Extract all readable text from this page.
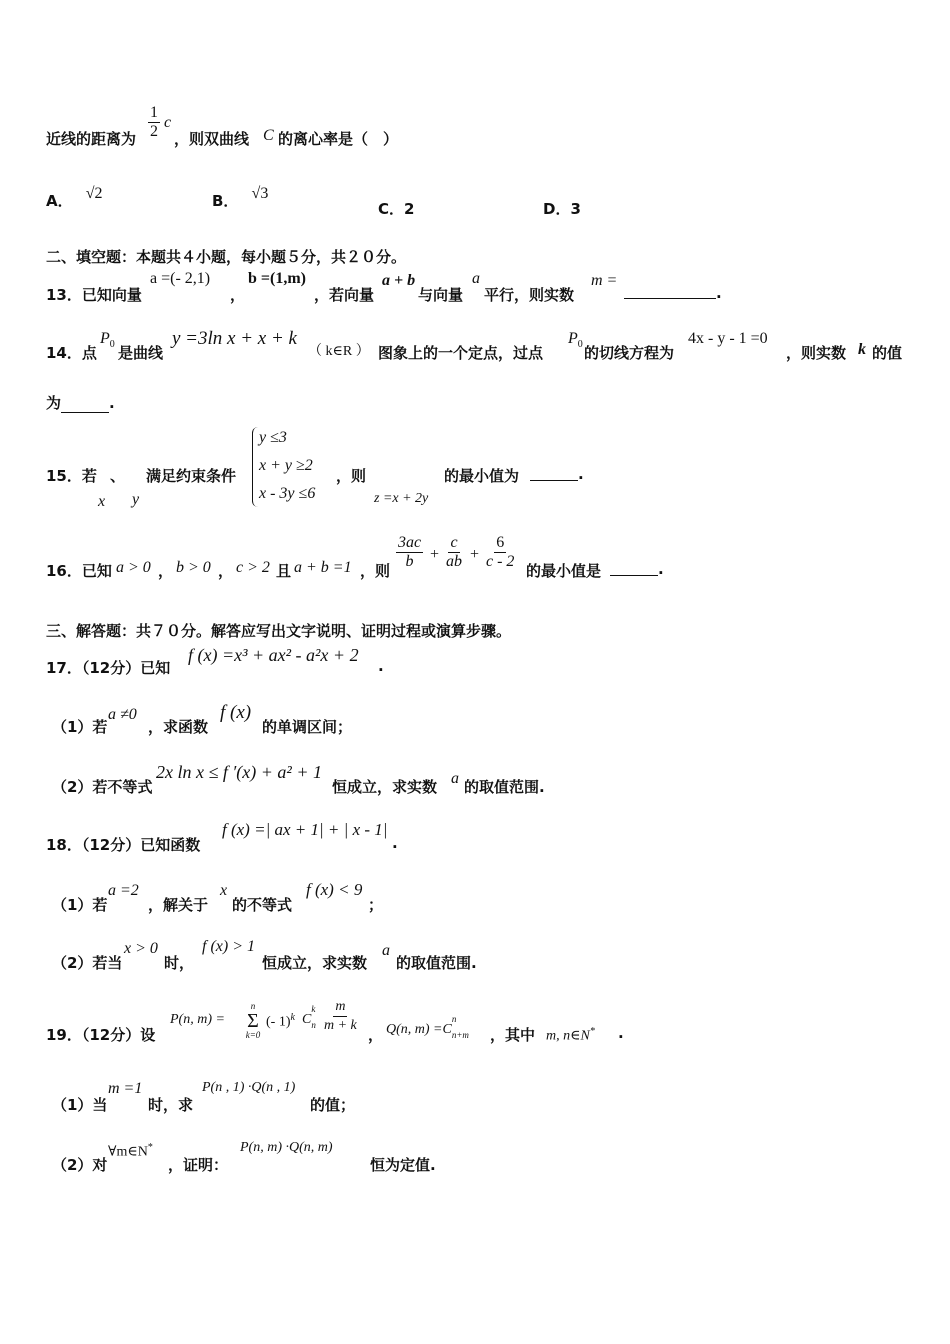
近线的距离为 $\frac{1}{2}$ c
，则双曲线 C 的离心率是（　）
A． √2	B． √3
C．2	D．3
二、填空题：本题共４小题，每小题５分，共２０分。
13．已知向量
a =(- 2,1)
，
b =(1,m)
，若向量
a + b
与向量
a
平行，则实数
m =
.
14．点
$P_0$ 是曲线
y =3ln x + x + k
（ k∈R ） 图象上的一个定点，过点
$P_0$ 的切线方程为
4x - y - 1 =0
，则实数 k 的值
为	.
15．若
x
、
y
满足约束条件
y ≤3
x + y ≥2
x - 3y ≤6
，则
z =x + 2y
的最小值为	.
16．已知 a > 0 ， b > 0 ， c > 2 且 a + b =1 ，则 $\frac{3ac}{b} + \frac{c}{ab} + \frac{6}{c - 2}$ 的最小值是	.
三、解答题：共７０分。解答应写出文字说明、证明过程或演算步骤。
17．（12分）已知
f (x) =x³ + ax² - a²x + 2
.
（1）若
a ≠0
，求函数
f (x)
的单调区间；
（2）若不等式
2x ln x ≤ f ′(x) + a² + 1
恒成立，求实数 a 的取值范围.
18．（12分）已知函数
f (x) =| ax + 1| + | x - 1|
.
（1）若
a =2
，解关于
x
的不等式
f (x) < 9
；
（2）若当
x > 0
时，
f (x) > 1
恒成立，求实数
a
的取值范围.
19．（12分）设
P(n, m) =
n
Σ
k=0
(- 1)$^k$ C
k
n $\frac{m}{m + k}$ ， Q(n, m) =C
n
n+m ，其中 m, n∈N* .
（1）当
m =1
时，求
P(n , 1) ·Q(n , 1)
的值；
（2）对
∀m∈N*
，证明：
P(n, m) ·Q(n, m)
恒为定值.
